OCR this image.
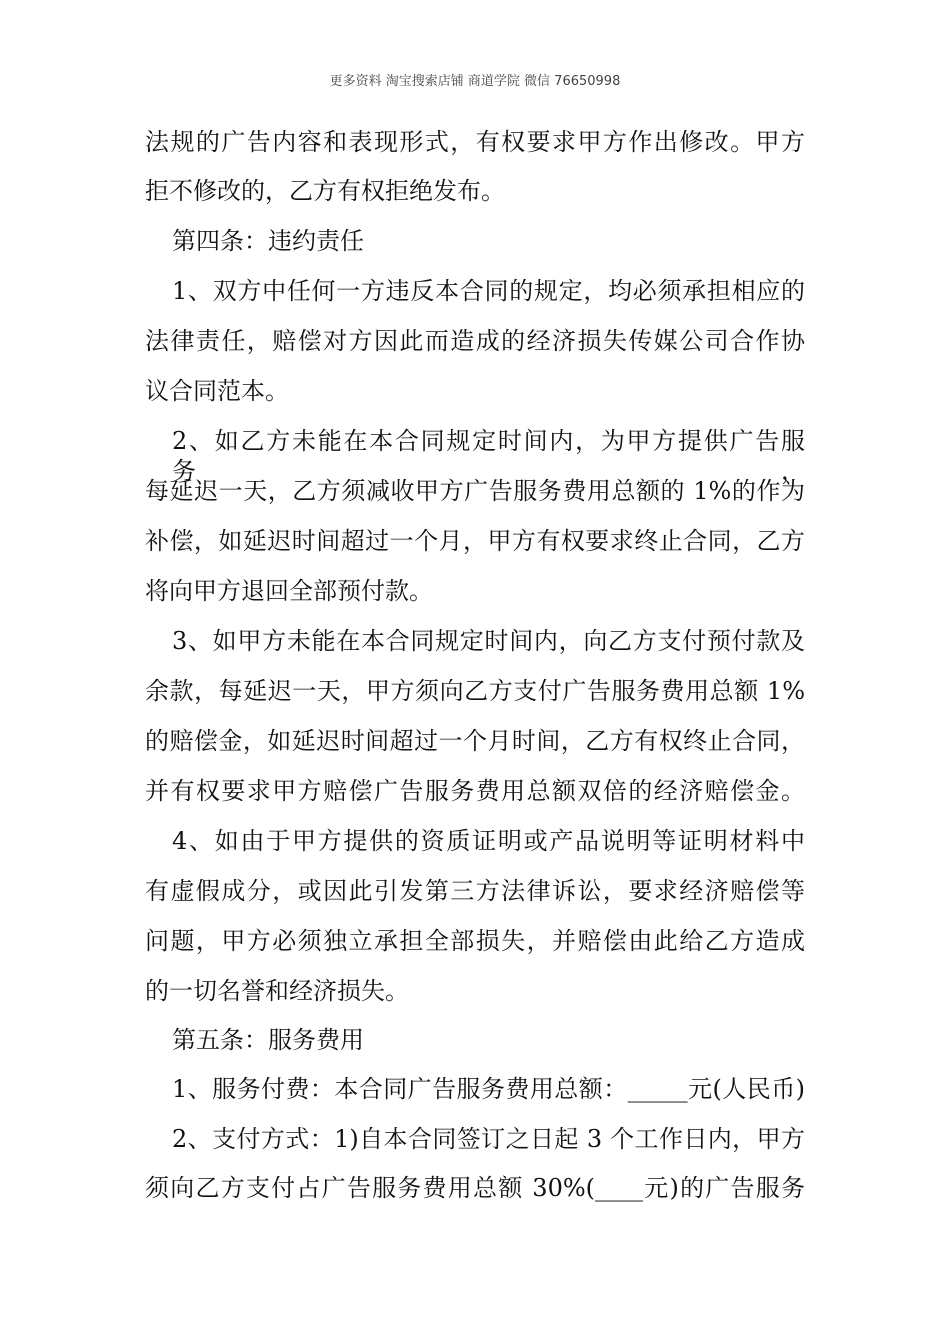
更多资料 淘宝搜索店铺 商道学院 微信 76650998
法规的广告内容和表现形式，有权要求甲方作出修改。甲方
拒不修改的，乙方有权拒绝发布。
第四条：违约责任
1、双方中任何一方违反本合同的规定，均必须承担相应的
法律责任，赔偿对方因此而造成的经济损失传媒公司合作协
议合同范本。
2、如乙方未能在本合同规定时间内，为甲方提供广告服务，
每延迟一天，乙方须减收甲方广告服务费用总额的 1%的作为
补偿，如延迟时间超过一个月，甲方有权要求终止合同，乙方
将向甲方退回全部预付款。
3、如甲方未能在本合同规定时间内，向乙方支付预付款及
余款，每延迟一天，甲方须向乙方支付广告服务费用总额 1%
的赔偿金，如延迟时间超过一个月时间，乙方有权终止合同，
并有权要求甲方赔偿广告服务费用总额双倍的经济赔偿金。
4、如由于甲方提供的资质证明或产品说明等证明材料中
有虚假成分，或因此引发第三方法律诉讼，要求经济赔偿等
问题，甲方必须独立承担全部损失，并赔偿由此给乙方造成
的一切名誉和经济损失。
第五条：服务费用
1、服务付费：本合同广告服务费用总额：_____元(人民币)
2、支付方式：1)自本合同签订之日起 3 个工作日内，甲方
须向乙方支付占广告服务费用总额 30%(____元)的广告服务
